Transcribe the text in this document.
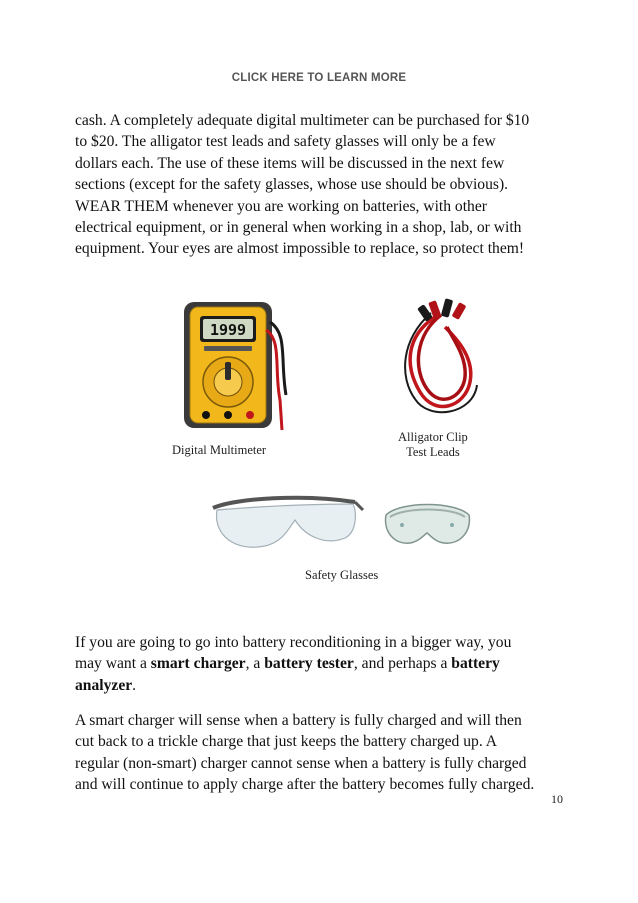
CLICK HERE TO LEARN MORE

cash. A completely adequate digital multimeter can be purchased for $10
to $20. The alligator test leads and safety glasses will only be a few
dollars each. The use of these items will be discussed in the next few
sections (except for the safety glasses, whose use should be obvious).
WEAR THEM whenever you are working on batteries, with other
electrical equipment, or in general when working in a shop, lab, or with
equipment. Your eyes are almost impossible to replace, so protect them!

1999
Digital Multimeter
Alligator Clip
Test Leads
Safety Glasses

If you are going to go into battery reconditioning in a bigger way, you
may want a smart charger, a battery tester, and perhaps a battery
analyzer.

A smart charger will sense when a battery is fully charged and will then
cut back to a trickle charge that just keeps the battery charged up. A
regular (non-smart) charger cannot sense when a battery is fully charged
and will continue to apply charge after the battery becomes fully charged.

10
